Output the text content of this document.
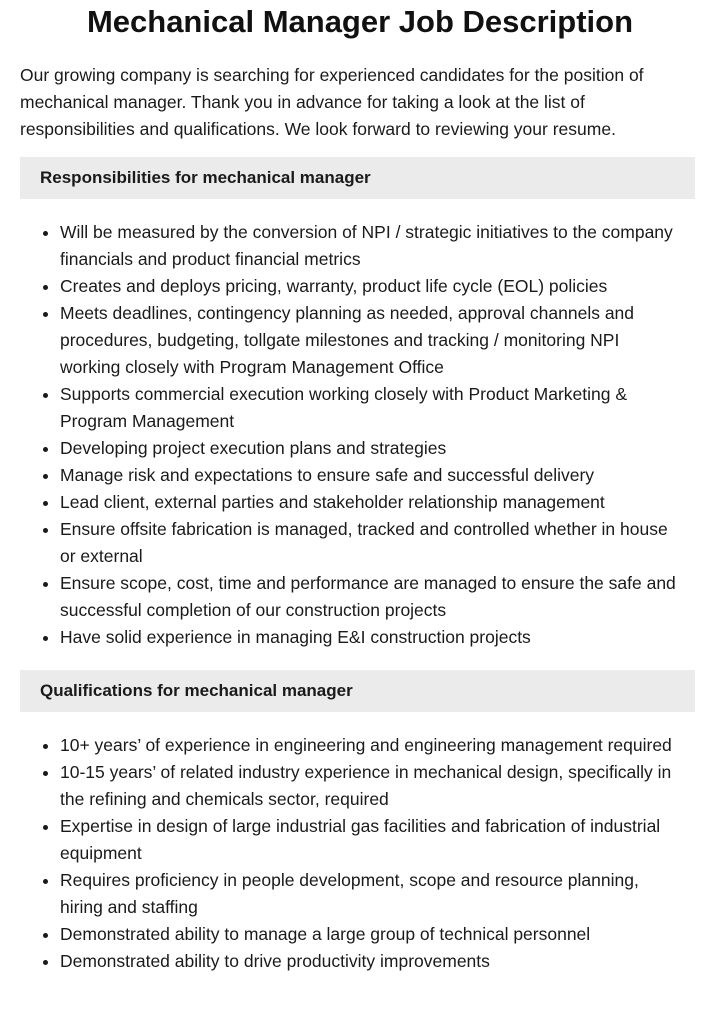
Mechanical Manager Job Description

Our growing company is searching for experienced candidates for the position of mechanical manager. Thank you in advance for taking a look at the list of responsibilities and qualifications. We look forward to reviewing your resume.

Responsibilities for mechanical manager
• Will be measured by the conversion of NPI / strategic initiatives to the company financials and product financial metrics
• Creates and deploys pricing, warranty, product life cycle (EOL) policies
• Meets deadlines, contingency planning as needed, approval channels and procedures, budgeting, tollgate milestones and tracking / monitoring NPI working closely with Program Management Office
• Supports commercial execution working closely with Product Marketing & Program Management
• Developing project execution plans and strategies
• Manage risk and expectations to ensure safe and successful delivery
• Lead client, external parties and stakeholder relationship management
• Ensure offsite fabrication is managed, tracked and controlled whether in house or external
• Ensure scope, cost, time and performance are managed to ensure the safe and successful completion of our construction projects
• Have solid experience in managing E&I construction projects
Qualifications for mechanical manager
• 10+ years’ of experience in engineering and engineering management required
• 10-15 years’ of related industry experience in mechanical design, specifically in the refining and chemicals sector, required
• Expertise in design of large industrial gas facilities and fabrication of industrial equipment
• Requires proficiency in people development, scope and resource planning, hiring and staffing
• Demonstrated ability to manage a large group of technical personnel
• Demonstrated ability to drive productivity improvements
